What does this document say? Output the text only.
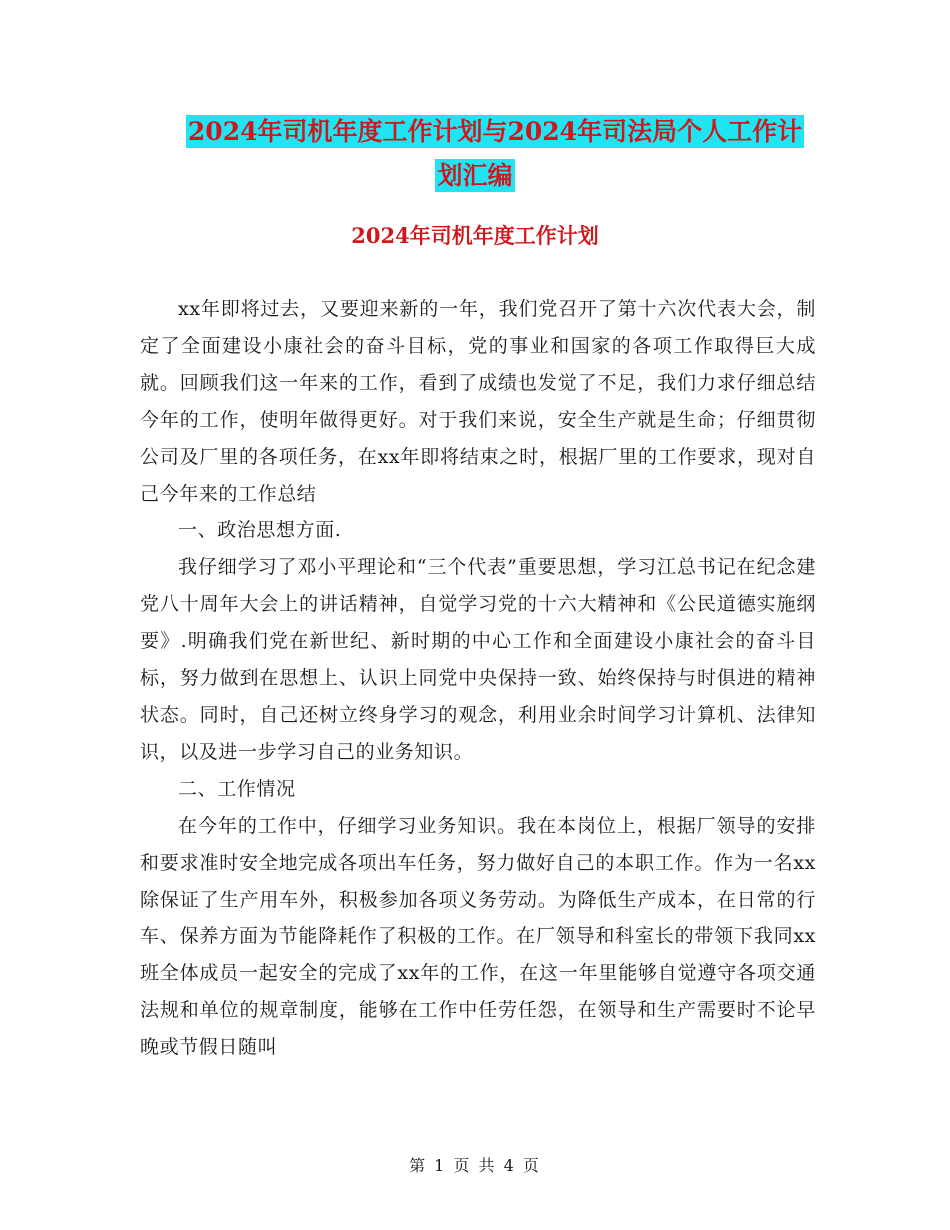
2024年司机年度工作计划与2024年司法局个人工作计
划汇编
2024年司机年度工作计划

xx年即将过去，又要迎来新的一年，我们党召开了第十六次代表大会，制定了全面建设小康社会的奋斗目标，党的事业和国家的各项工作取得巨大成就。回顾我们这一年来的工作，看到了成绩也发觉了不足，我们力求仔细总结今年的工作，使明年做得更好。对于我们来说，安全生产就是生命；仔细贯彻公司及厂里的各项任务，在xx年即将结束之时，根据厂里的工作要求，现对自己今年来的工作总结

一、政治思想方面.

我仔细学习了邓小平理论和“三个代表”重要思想，学习江总书记在纪念建党八十周年大会上的讲话精神，自觉学习党的十六大精神和《公民道德实施纲要》.明确我们党在新世纪、新时期的中心工作和全面建设小康社会的奋斗目标，努力做到在思想上、认识上同党中央保持一致、始终保持与时俱进的精神状态。同时，自己还树立终身学习的观念，利用业余时间学习计算机、法律知识，以及进一步学习自己的业务知识。

二、工作情况

在今年的工作中，仔细学习业务知识。我在本岗位上，根据厂领导的安排和要求准时安全地完成各项出车任务，努力做好自己的本职工作。作为一名xx除保证了生产用车外，积极参加各项义务劳动。为降低生产成本，在日常的行车、保养方面为节能降耗作了积极的工作。在厂领导和科室长的带领下我同xx班全体成员一起安全的完成了xx年的工作，在这一年里能够自觉遵守各项交通法规和单位的规章制度，能够在工作中任劳任怨，在领导和生产需要时不论早晚或节假日随叫

第 1 页 共 4 页
